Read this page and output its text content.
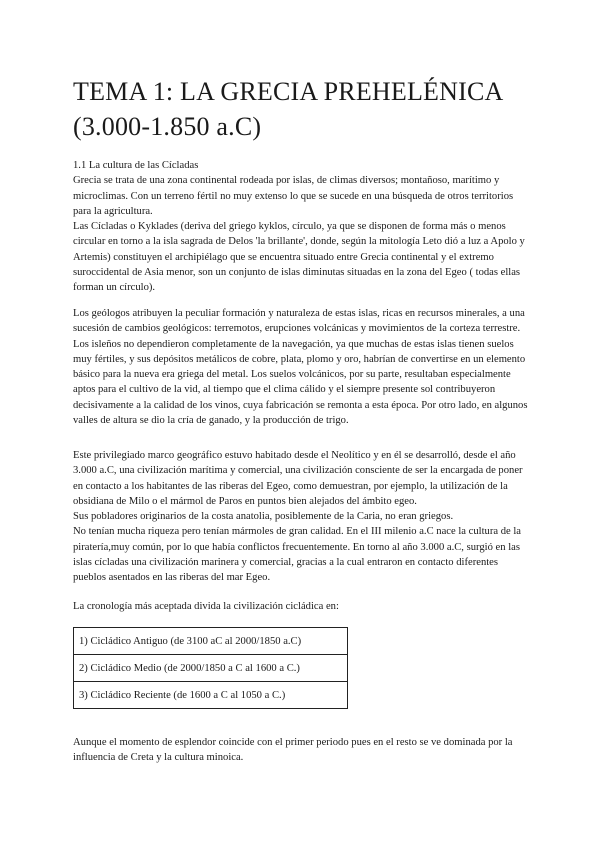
TEMA 1: LA GRECIA PREHELÉNICA (3.000-1.850 a.C)

1.1 La cultura de las Cícladas

Grecia se trata de una zona continental rodeada por islas, de climas diversos; montañoso, marítimo y microclimas. Con un terreno fértil no muy extenso lo que se sucede en una búsqueda de otros territorios para la agricultura.

Las Cícladas o Kyklades (deriva del griego kyklos, círculo, ya que se disponen de forma más o menos circular en torno a la isla sagrada de Delos 'la brillante', donde, según la mitología Leto dió a luz a Apolo y Artemis) constituyen el archipiélago que se encuentra situado entre Grecia continental y el extremo suroccidental de Asia menor, son un conjunto de islas diminutas situadas en la zona del Egeo ( todas ellas forman un círculo).

Los geólogos atribuyen la peculiar formación y naturaleza de estas islas, ricas en recursos minerales, a una sucesión de cambios geológicos: terremotos, erupciones volcánicas y movimientos de la corteza terrestre. Los isleños no dependieron completamente de la navegación, ya que muchas de estas islas tienen suelos muy fértiles, y sus depósitos metálicos de cobre, plata, plomo y oro, habrían de convertirse en un elemento básico para la nueva era griega del metal. Los suelos volcánicos, por su parte, resultaban especialmente aptos para el cultivo de la vid, al tiempo que el clima cálido y el siempre presente sol contribuyeron decisivamente a la calidad de los vinos, cuya fabricación se remonta a esta época. Por otro lado, en algunos valles de altura se dio la cría de ganado, y la producción de trigo.

Este privilegiado marco geográfico estuvo habitado desde el Neolítico y en él se desarrolló, desde el año 3.000 a.C, una civilización marítima y comercial, una civilización consciente de ser la encargada de poner en contacto a los habitantes de las riberas del Egeo, como demuestran, por ejemplo, la utilización de la obsidiana de Milo o el mármol de Paros en puntos bien alejados del ámbito egeo.

Sus pobladores originarios de la costa anatolia, posiblemente de la Caria, no eran griegos.

No tenían mucha riqueza pero tenían mármoles de gran calidad. En el III milenio a.C nace la cultura de la piratería,muy común, por lo que había conflictos frecuentemente. En torno al año 3.000 a.C, surgió en las islas cícladas una civilización marinera y comercial, gracias a la cual entraron en contacto diferentes pueblos asentados en las riberas del mar Egeo.

La cronología más aceptada divida la civilización cicládica en:

1) Cicládico Antiguo (de 3100 aC al 2000/1850 a.C)
2) Cicládico Medio (de 2000/1850 a C al 1600 a C.)
3) Cicládico Reciente (de 1600 a C al 1050 a C.)

Aunque el momento de esplendor coincide con el primer periodo pues en el resto se ve dominada por la influencia de Creta y la cultura minoica.
